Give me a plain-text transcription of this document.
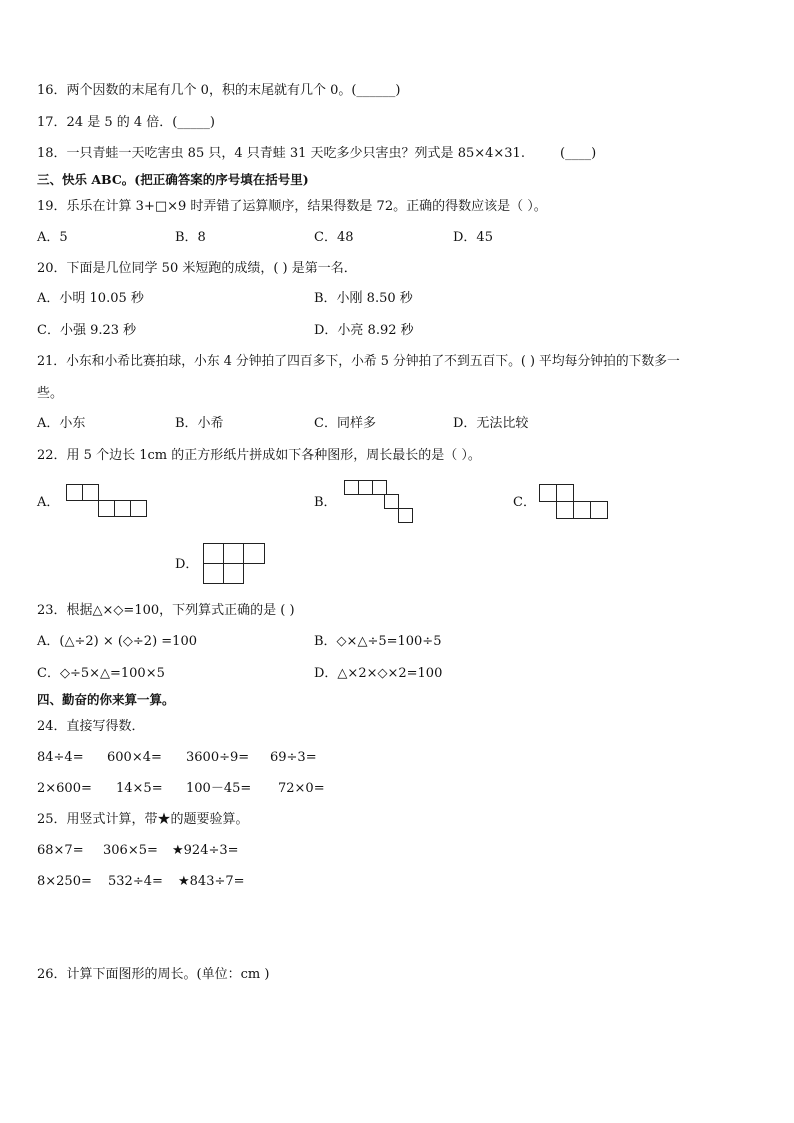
16．两个因数的末尾有几个 0，积的末尾就有几个 0。(______)
17．24 是 5 的 4 倍．(_____)
18．一只青蛙一天吃害虫 85 只，4 只青蛙 31 天吃多少只害虫？列式是 85×4×31.	(____)
三、快乐 ABC。(把正确答案的序号填在括号里)
19．乐乐在计算 3+□×9 时弄错了运算顺序，结果得数是 72。正确的得数应该是（ ）。
A．5	B．8	C．48	D．45
20．下面是几位同学 50 米短跑的成绩，( ) 是第一名．
A．小明 10.05 秒	B．小刚 8.50 秒
C．小强 9.23 秒	D．小亮 8.92 秒
21．小东和小希比赛拍球，小东 4 分钟拍了四百多下，小希 5 分钟拍了不到五百下。( ) 平均每分钟拍的下数多一
些。
A．小东	B．小希	C．同样多	D．无法比较
22．用 5 个边长 1cm 的正方形纸片拼成如下各种图形，周长最长的是（ ）。
A．	B．	C．
D．
23．根据△×◇=100，下列算式正确的是 ( )
A．(△÷2) × (◇÷2) =100	B．◇×△÷5=100÷5
C．◇÷5×△=100×5	D．△×2×◇×2=100
四、勤奋的你来算一算。
24．直接写得数．
84÷4= 600×4= 3600÷9= 69÷3=
2×600= 14×5= 100－45= 72×0=
25．用竖式计算，带★的题要验算。
68×7= 306×5= ★924÷3=
8×250= 532÷4= ★843÷7=
26．计算下面图形的周长。(单位：cm )
